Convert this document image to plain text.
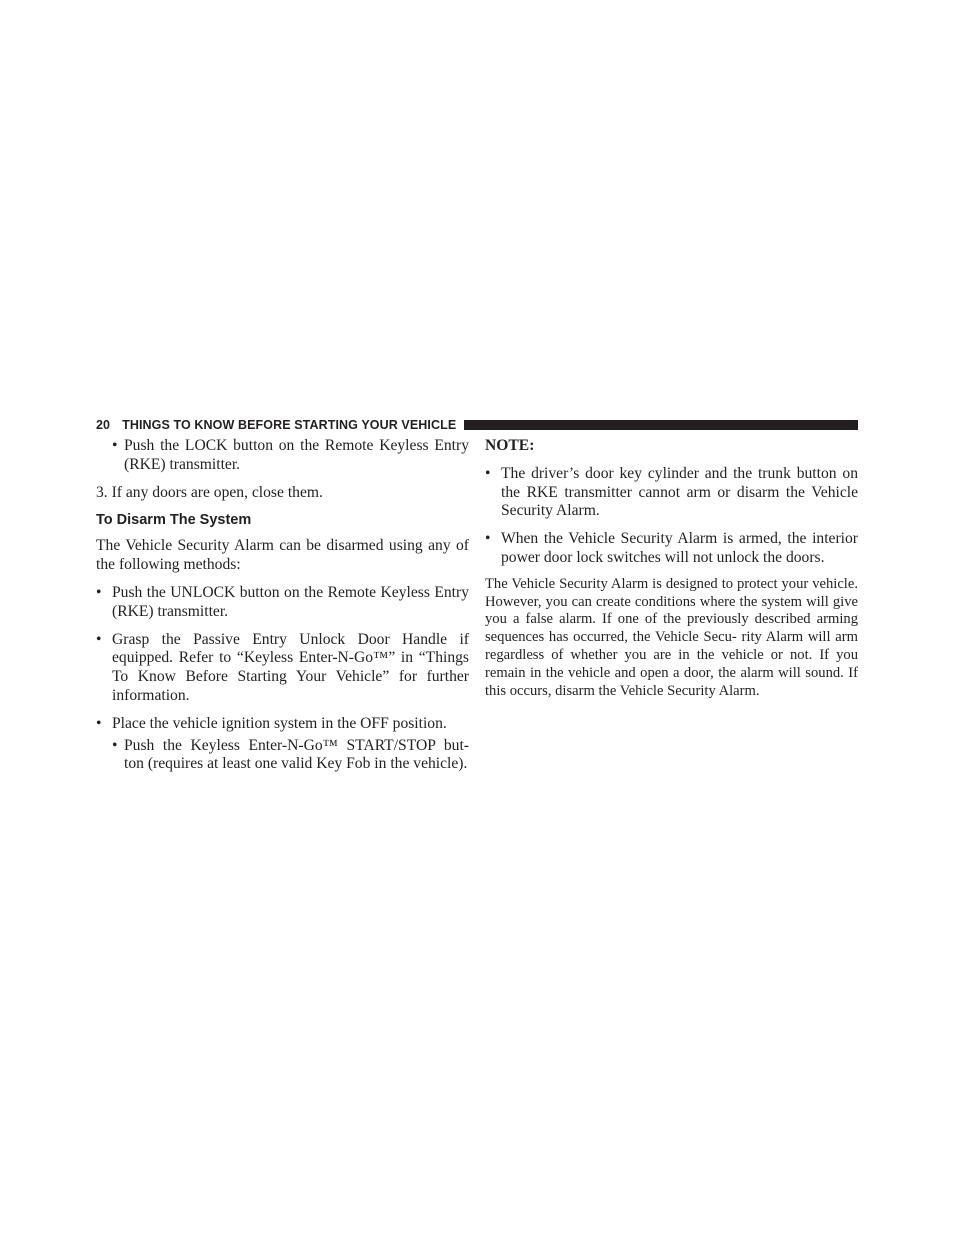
20 THINGS TO KNOW BEFORE STARTING YOUR VEHICLE
• Push the LOCK button on the Remote Keyless Entry (RKE) transmitter.

3. If any doors are open, close them.

To Disarm The System

The Vehicle Security Alarm can be disarmed using any of the following methods:

• Push the UNLOCK button on the Remote Keyless Entry (RKE) transmitter.
• Grasp the Passive Entry Unlock Door Handle if equipped. Refer to “Keyless Enter-N-Go™” in “Things To Know Before Starting Your Vehicle” for further information.
• Place the vehicle ignition system in the OFF position.
• Push the Keyless Enter-N-Go™ START/STOP but- ton (requires at least one valid Key Fob in the vehicle).
NOTE:
• The driver’s door key cylinder and the trunk button on the RKE transmitter cannot arm or disarm the Vehicle Security Alarm.
• When the Vehicle Security Alarm is armed, the interior power door lock switches will not unlock the doors.

The Vehicle Security Alarm is designed to protect your vehicle. However, you can create conditions where the system will give you a false alarm. If one of the previously described arming sequences has occurred, the Vehicle Secu- rity Alarm will arm regardless of whether you are in the vehicle or not. If you remain in the vehicle and open a door, the alarm will sound. If this occurs, disarm the Vehicle Security Alarm.
